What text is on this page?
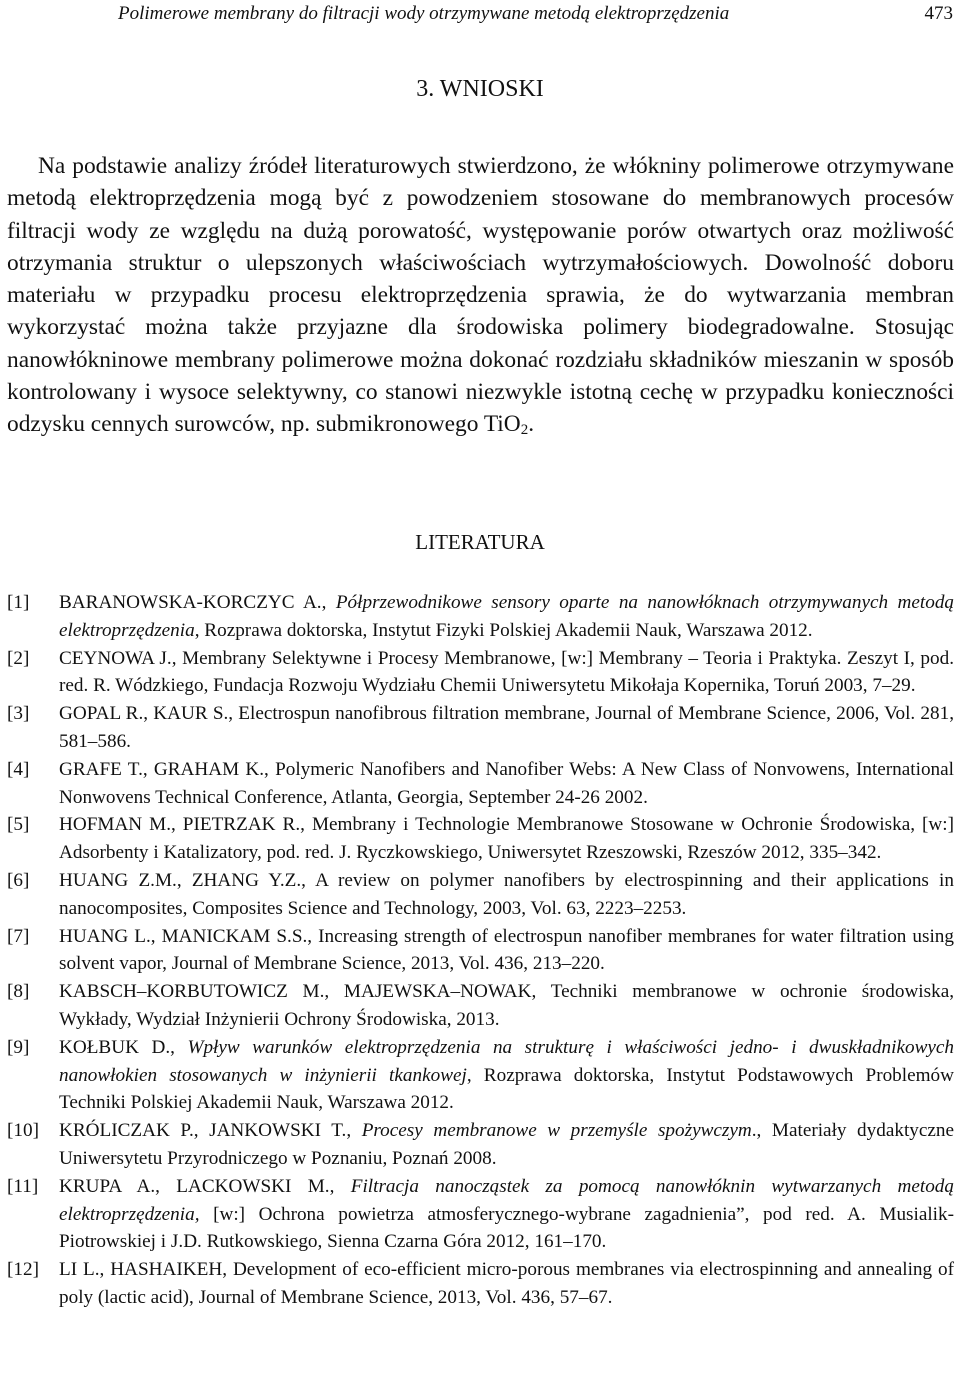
Polimerowe membrany do filtracji wody otrzymywane metodą elektroprzędzenia	473
3. WNIOSKI

Na podstawie analizy źródeł literaturowych stwierdzono, że włókniny polimerowe otrzymywane metodą elektroprzędzenia mogą być z powodzeniem stosowane do membranowych procesów filtracji wody ze względu na dużą porowatość, występowanie porów otwartych oraz możliwość otrzymania struktur o ulepszonych właściwościach wytrzymałościowych. Dowolność doboru materiału w przypadku procesu elektroprzędzenia sprawia, że do wytwarzania membran wykorzystać można także przyjazne dla środowiska polimery biodegradowalne. Stosując nanowłókninowe membrany polimerowe można dokonać rozdziału składników mieszanin w sposób kontrolowany i wysoce selektywny, co stanowi niezwykle istotną cechę w przypadku konieczności odzysku cennych surowców, np. submikronowego TiO$_2$.

LITERATURA
[1] BARANOWSKA-KORCZYC A., Półprzewodnikowe sensory oparte na nanowłóknach otrzymywanych metodą elektroprzędzenia, Rozprawa doktorska, Instytut Fizyki Polskiej Akademii Nauk, Warszawa 2012.
[2] CEYNOWA J., Membrany Selektywne i Procesy Membranowe, [w:] Membrany – Teoria i Praktyka. Zeszyt I, pod. red. R. Wódzkiego, Fundacja Rozwoju Wydziału Chemii Uniwersytetu Mikołaja Kopernika, Toruń 2003, 7–29.
[3] GOPAL R., KAUR S., Electrospun nanofibrous filtration membrane, Journal of Membrane Science, 2006, Vol. 281, 581–586.
[4] GRAFE T., GRAHAM K., Polymeric Nanofibers and Nanofiber Webs: A New Class of Nonvowens, International Nonwovens Technical Conference, Atlanta, Georgia, September 24-26 2002.
[5] HOFMAN M., PIETRZAK R., Membrany i Technologie Membranowe Stosowane w Ochronie Środowiska, [w:] Adsorbenty i Katalizatory, pod. red. J. Ryczkowskiego, Uniwersytet Rzeszowski, Rzeszów 2012, 335–342.
[6] HUANG Z.M., ZHANG Y.Z., A review on polymer nanofibers by electrospinning and their applications in nanocomposites, Composites Science and Technology, 2003, Vol. 63, 2223–2253.
[7] HUANG L., MANICKAM S.S., Increasing strength of electrospun nanofiber membranes for water filtration using solvent vapor, Journal of Membrane Science, 2013, Vol. 436, 213–220.
[8] KABSCH–KORBUTOWICZ M., MAJEWSKA–NOWAK, Techniki membranowe w ochronie środowiska, Wykłady, Wydział Inżynierii Ochrony Środowiska, 2013.
[9] KOŁBUK D., Wpływ warunków elektroprzędzenia na strukturę i właściwości jedno- i dwuskładnikowych nanowłokien stosowanych w inżynierii tkankowej, Rozprawa doktorska, Instytut Podstawowych Problemów Techniki Polskiej Akademii Nauk, Warszawa 2012.
[10] KRÓLICZAK P., JANKOWSKI T., Procesy membranowe w przemyśle spożywczym., Materiały dydaktyczne Uniwersytetu Przyrodniczego w Poznaniu, Poznań 2008.
[11] KRUPA A., LACKOWSKI M., Filtracja nanocząstek za pomocą nanowłóknin wytwarzanych metodą elektroprzędzenia, [w:] Ochrona powietrza atmosferycznego-wybrane zagadnienia”, pod red. A. Musialik-Piotrowskiej i J.D. Rutkowskiego, Sienna Czarna Góra 2012, 161–170.
[12] LI L., HASHAIKEH, Development of eco-efficient micro-porous membranes via electrospinning and annealing of poly (lactic acid), Journal of Membrane Science, 2013, Vol. 436, 57–67.
